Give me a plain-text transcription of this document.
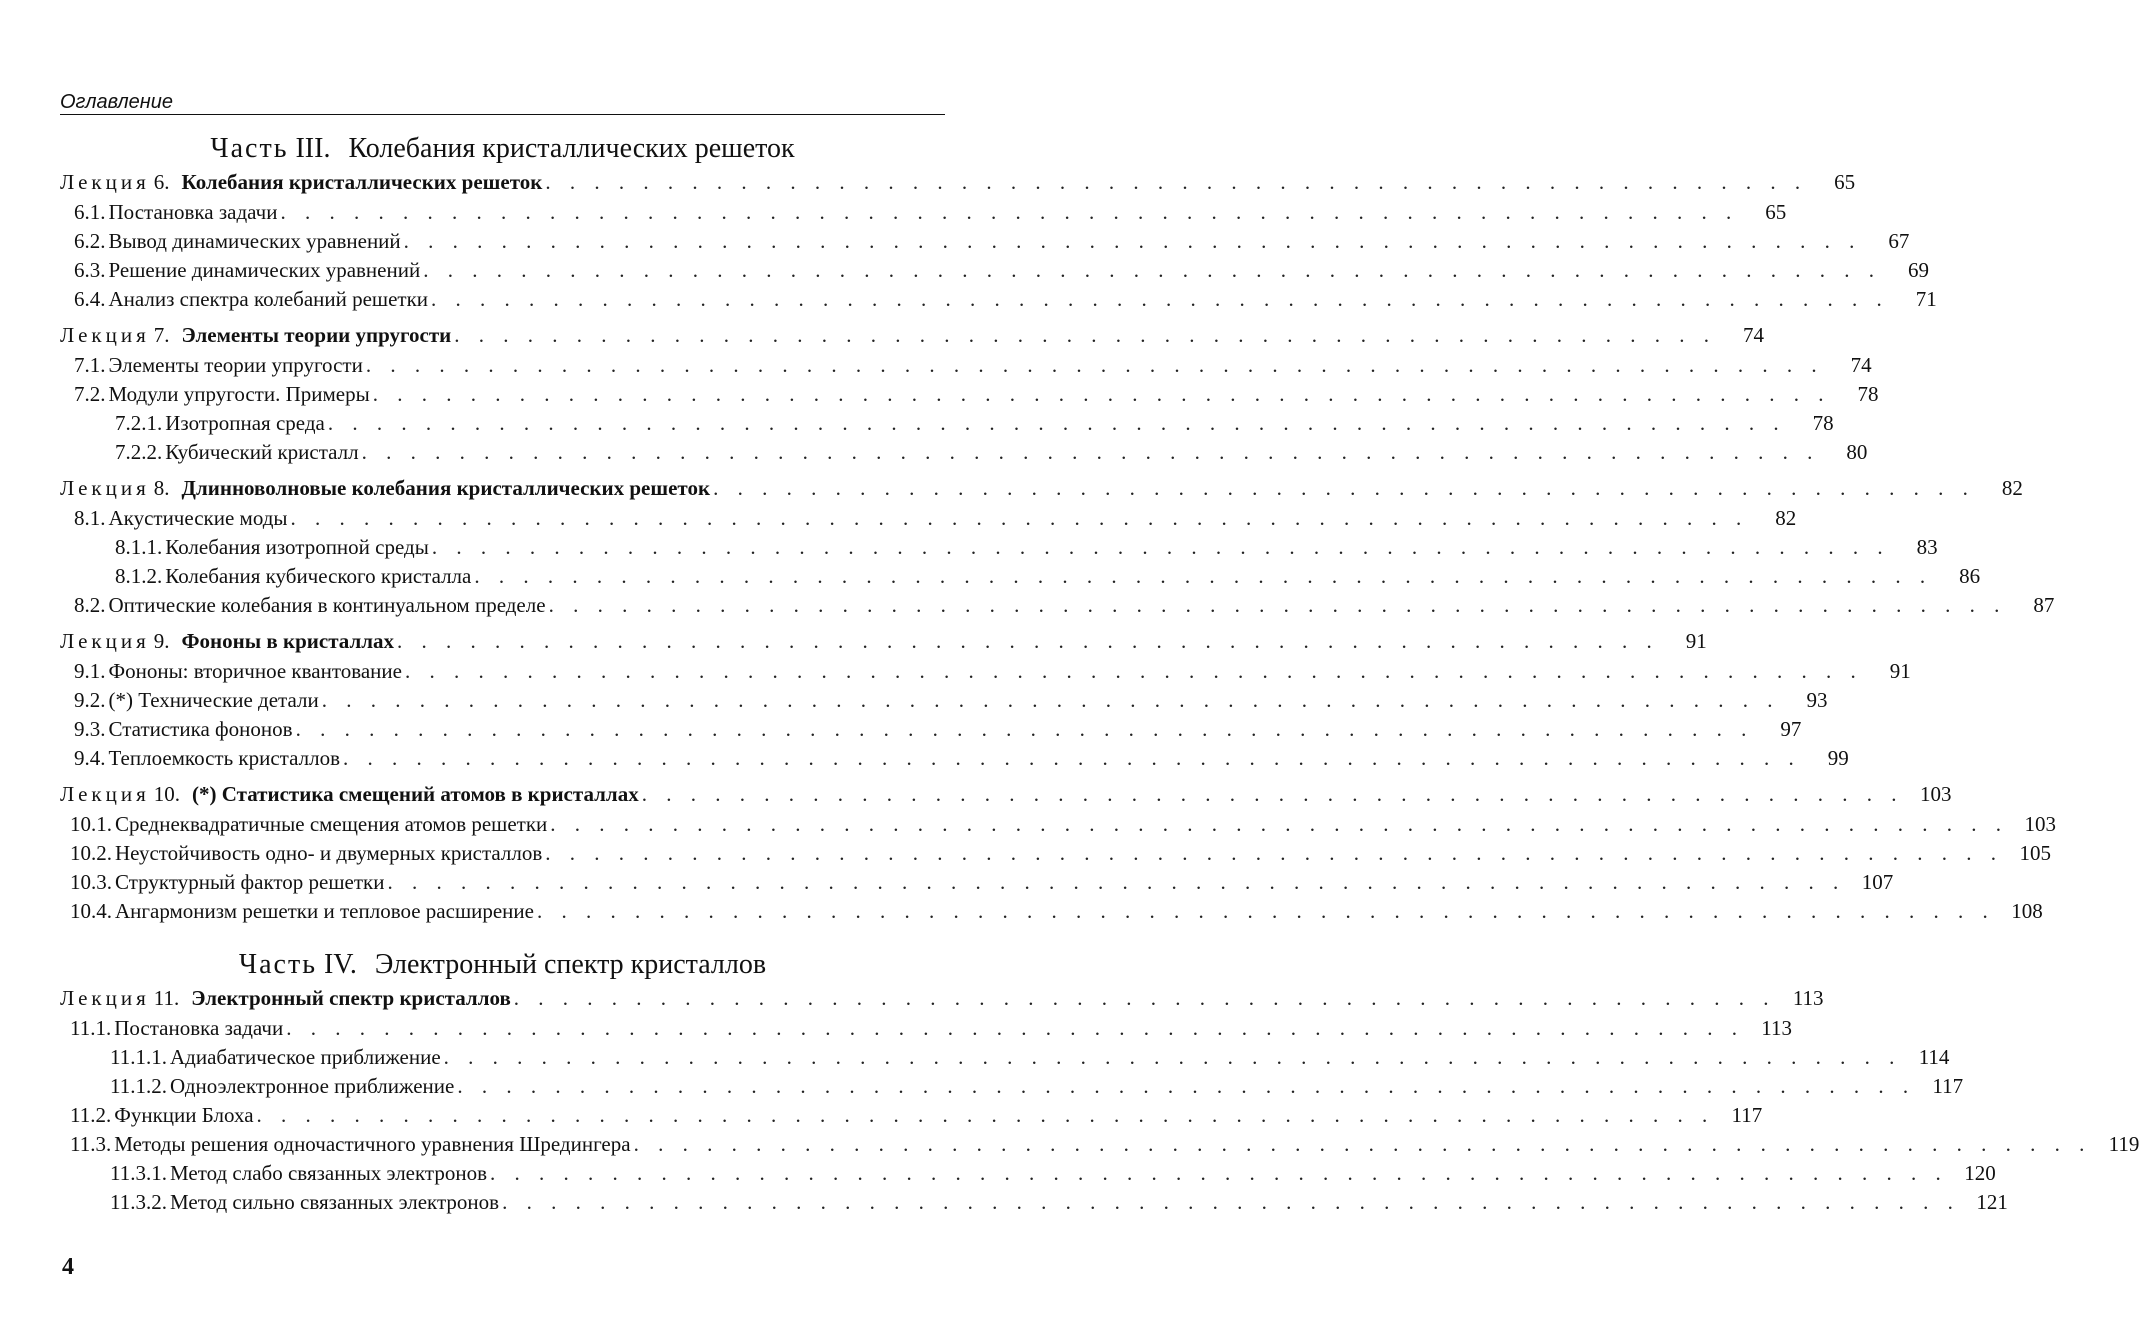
Оглавление
Часть III. Колебания кристаллических решеток
Лекция 6. Колебания кристаллических решеток . . . . . . . . . . . . . . . . . . . . . . . . . . . . . . . . . . . . . . . . . . . . . . . . . . . .	65
6.1. Постановка задачи . . . . . . . . . . . . . . . . . . . . . . . . . . . . . . . . . . . . . . . . . . . . . . . . . . . . . . . . . . . .	65
6.2. Вывод динамических уравнений . . . . . . . . . . . . . . . . . . . . . . . . . . . . . . . . . . . . . . . . . . . . . . . . . . . . . . . . . . . .	67
6.3. Решение динамических уравнений . . . . . . . . . . . . . . . . . . . . . . . . . . . . . . . . . . . . . . . . . . . . . . . . . . . . . . . . . . . .	69
6.4. Анализ спектра колебаний решетки . . . . . . . . . . . . . . . . . . . . . . . . . . . . . . . . . . . . . . . . . . . . . . . . . . . . . . . . . . . .	71
Лекция 7. Элементы теории упругости . . . . . . . . . . . . . . . . . . . . . . . . . . . . . . . . . . . . . . . . . . . . . . . . . . . .	74
7.1. Элементы теории упругости . . . . . . . . . . . . . . . . . . . . . . . . . . . . . . . . . . . . . . . . . . . . . . . . . . . . . . . . . . . .	74
7.2. Модули упругости. Примеры . . . . . . . . . . . . . . . . . . . . . . . . . . . . . . . . . . . . . . . . . . . . . . . . . . . . . . . . . . . .	78
7.2.1. Изотропная среда . . . . . . . . . . . . . . . . . . . . . . . . . . . . . . . . . . . . . . . . . . . . . . . . . . . . . . . . . . . .	78
7.2.2. Кубический кристалл . . . . . . . . . . . . . . . . . . . . . . . . . . . . . . . . . . . . . . . . . . . . . . . . . . . . . . . . . . . .	80
Лекция 8. Длинноволновые колебания кристаллических решеток . . . . . . . . . . . . . . . . . . . . . . . . . . . . . . . . . . . . . . . . . . . . . . . . . . . .	82
8.1. Акустические моды . . . . . . . . . . . . . . . . . . . . . . . . . . . . . . . . . . . . . . . . . . . . . . . . . . . . . . . . . . . .	82
8.1.1. Колебания изотропной среды . . . . . . . . . . . . . . . . . . . . . . . . . . . . . . . . . . . . . . . . . . . . . . . . . . . . . . . . . . . .	83
8.1.2. Колебания кубического кристалла . . . . . . . . . . . . . . . . . . . . . . . . . . . . . . . . . . . . . . . . . . . . . . . . . . . . . . . . . . . .	86
8.2. Оптические колебания в континуальном пределе . . . . . . . . . . . . . . . . . . . . . . . . . . . . . . . . . . . . . . . . . . . . . . . . . . . . . . . . . . . .	87
Лекция 9. Фононы в кристаллах . . . . . . . . . . . . . . . . . . . . . . . . . . . . . . . . . . . . . . . . . . . . . . . . . . . .	91
9.1. Фононы: вторичное квантование . . . . . . . . . . . . . . . . . . . . . . . . . . . . . . . . . . . . . . . . . . . . . . . . . . . . . . . . . . . .	91
9.2. (*) Технические детали . . . . . . . . . . . . . . . . . . . . . . . . . . . . . . . . . . . . . . . . . . . . . . . . . . . . . . . . . . . .	93
9.3. Статистика фононов . . . . . . . . . . . . . . . . . . . . . . . . . . . . . . . . . . . . . . . . . . . . . . . . . . . . . . . . . . . .	97
9.4. Теплоемкость кристаллов . . . . . . . . . . . . . . . . . . . . . . . . . . . . . . . . . . . . . . . . . . . . . . . . . . . . . . . . . . . .	99
Лекция 10. (*) Статистика смещений атомов в кристаллах . . . . . . . . . . . . . . . . . . . . . . . . . . . . . . . . . . . . . . . . . . . . . . . . . . . . 103
10.1. Среднеквадратичные смещения атомов решетки . . . . . . . . . . . . . . . . . . . . . . . . . . . . . . . . . . . . . . . . . . . . . . . . . . . . . . . . . . . . 103
10.2. Неустойчивость одно- и двумерных кристаллов . . . . . . . . . . . . . . . . . . . . . . . . . . . . . . . . . . . . . . . . . . . . . . . . . . . . . . . . . . . . 105
10.3. Структурный фактор решетки . . . . . . . . . . . . . . . . . . . . . . . . . . . . . . . . . . . . . . . . . . . . . . . . . . . . . . . . . . . . 107
10.4. Ангармонизм решетки и тепловое расширение . . . . . . . . . . . . . . . . . . . . . . . . . . . . . . . . . . . . . . . . . . . . . . . . . . . . . . . . . . . . 108
Часть IV. Электронный спектр кристаллов
Лекция 11. Электронный спектр кристаллов . . . . . . . . . . . . . . . . . . . . . . . . . . . . . . . . . . . . . . . . . . . . . . . . . . . . 113
11.1. Постановка задачи . . . . . . . . . . . . . . . . . . . . . . . . . . . . . . . . . . . . . . . . . . . . . . . . . . . . . . . . . . . . 113
11.1.1. Адиабатическое приближение . . . . . . . . . . . . . . . . . . . . . . . . . . . . . . . . . . . . . . . . . . . . . . . . . . . . . . . . . . . . 114
11.1.2. Одноэлектронное приближение . . . . . . . . . . . . . . . . . . . . . . . . . . . . . . . . . . . . . . . . . . . . . . . . . . . . . . . . . . . . 117
11.2. Функции Блоха . . . . . . . . . . . . . . . . . . . . . . . . . . . . . . . . . . . . . . . . . . . . . . . . . . . . . . . . . . . . 117
11.3. Методы решения одночастичного уравнения Шредингера . . . . . . . . . . . . . . . . . . . . . . . . . . . . . . . . . . . . . . . . . . . . . . . . . . . . . . . . . . . . 119
11.3.1. Метод слабо связанных электронов . . . . . . . . . . . . . . . . . . . . . . . . . . . . . . . . . . . . . . . . . . . . . . . . . . . . . . . . . . . . 120
11.3.2. Метод сильно связанных электронов . . . . . . . . . . . . . . . . . . . . . . . . . . . . . . . . . . . . . . . . . . . . . . . . . . . . . . . . . . . . 121
4
